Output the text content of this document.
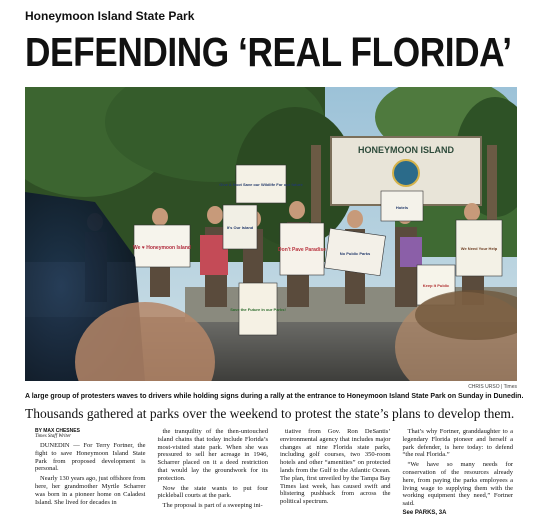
Honeymoon Island State Park
DEFENDING ‘REAL FLORIDA’
HONEYMOON ISLAND
Give A Hoot Save our Wildlife For our future
We ♥ Honeymoon Island
It's Our Island
Don't Pave Paradise
Save the Future in our Parks!
No Public Parks
Keep It Public
We Need Your Help
Hotels
CHRIS URSO | Times
A large group of protesters waves to drivers while holding signs during a rally at the entrance to Honeymoon Island State Park on Sunday in Dunedin.
Thousands gathered at parks over the weekend to protest the state’s plans to develop them.
BY MAX CHESNES
Times Staff Writer

DUNEDIN — For Terry Fortner, the fight to save Honeymoon Island State Park from proposed development is personal.

Nearly 130 years ago, just offshore from here, her grandmother Myrtle Scharrer was born in a pioneer home on Caladesi Island. She lived for decades in

the tranquility of the then-untouched island chains that today include Florida’s most-visited state park. When she was pressured to sell her acreage in 1946, Scharrer placed on it a deed restriction that would lay the groundwork for its protection.

Now the state wants to put four pickleball courts at the park.

The proposal is part of a sweeping ini-

tiative from Gov. Ron DeSantis’ environmental agency that includes major changes at nine Florida state parks, including golf courses, two 350-room hotels and other “amenities” on protected lands from the Gulf to the Atlantic Ocean. The plan, first unveiled by the Tampa Bay Times last week, has caused swift and blistering pushback from across the political spectrum.

That’s why Fortner, granddaughter to a legendary Florida pioneer and herself a park defender, is here today: to defend “the real Florida.”

“We have so many needs for conservation of the resources already here, from paying the parks employees a living wage to supplying them with the working equipment they need,” Fortner said.

See PARKS, 3A
